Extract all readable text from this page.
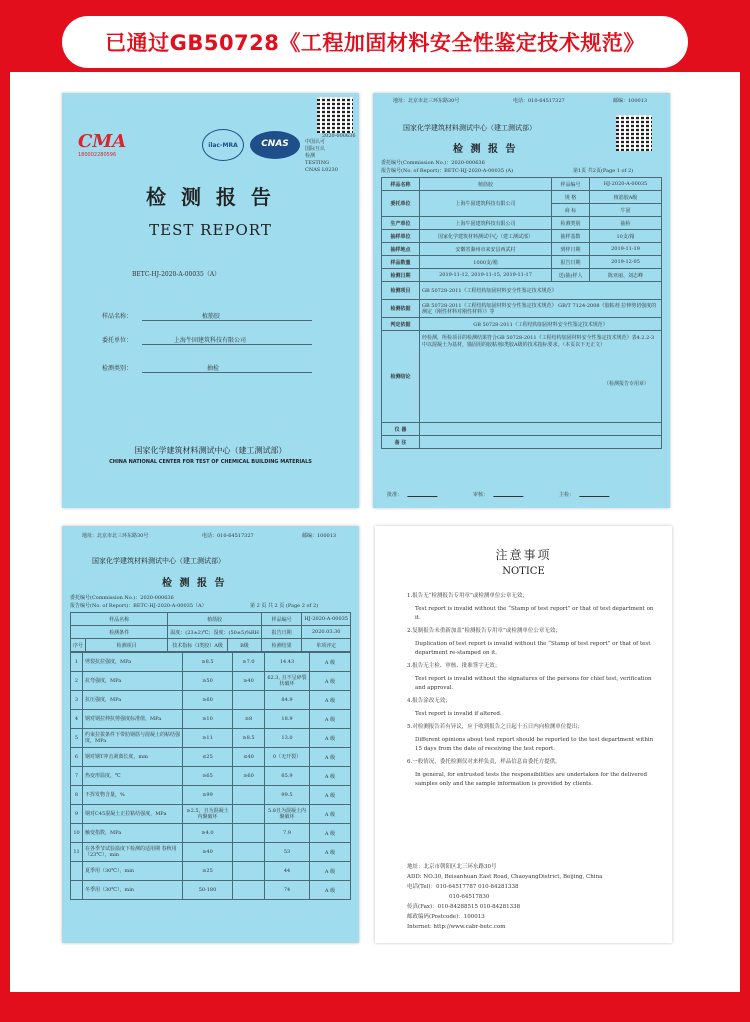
已通过GB50728《工程加固材料安全性鉴定技术规范》
CMA
180002280596
ilac-MRA	CNAS
2020-000636
中国认可
国际互认
检测
TESTING
CNAS L0230
检 测 报 告
TEST REPORT
BETC-HJ-2020-A-00035（A）
样品名称：	植筋胶
委托单位：	上海牛固建筑科技有限公司
检测类别：	抽检
国家化学建筑材料测试中心（建工测试部）
CHINA NATIONAL CENTER FOR TEST OF CHEMICAL BUILDING MATERIALS
地址：北京市北三环东路30号	电话：010-64517327	邮编：100013
国家化学建筑材料测试中心（建工测试部）
检 测 报 告
委托编号(Commission No.)：2020-000636
报告编号(No. of Report)：BETC-HJ-2020-A-00035 (A)	第1页 共2页(Page 1 of 2)
样品名称	植筋胶	样品编号	HJ-2020-A-00035
委托单位	上海牛固建筑科技有限公司	规 格	植筋胶A级
		商 标	牛固
生产单位	上海牛固建筑科技有限公司	检测类别	抽检
抽样单位	国家化学建筑材料测试中心（建工测试部）	抽样基数	10支/箱
抽样地点	安徽省滁州市来安县西武村	到样日期	2019-11-19
样品数量	1000支/箱	报告日期	2019-12-05
检测日期	2019-11-12, 2019-11-15, 2019-11-17	送(抽)样人	陈亚丽、刘志峰
检测项目	GB 50728-2011《工程结构加固材料安全性鉴定技术规范》		
检测依据	GB 50728-2011《工程结构加固材料安全性鉴定技术规范》 GB/T 7124-2008《胶粘剂 拉伸剪切强度的测定（刚性材料对刚性材料）》等		
判定依据	GB 50728-2011《工程结构加固材料安全性鉴定技术规范》		
检测结论	经检测，所检项目的检测结果符合GB 50728-2011《工程结构加固材料安全性鉴定技术规范》表4.2.2-3中以混凝土为基材，锚固用的胶粘剂Ⅰ类胶A级的技术指标要求。（本页以下无正文）
（检测报告专用章）		

仪 器			
备 注			
批准：	审核：	主检：
地址：北京市北三环东路30号	电话：010-64517327	邮编：100013
国家化学建筑材料测试中心（建工测试部）
检 测 报 告
委托编号(Commission No.)：2020-000636
报告编号(No. of Report)：BETC-HJ-2020-A-00035（A）	第 2 页 共 2 页 (Page 2 of 2)
样品名称		植筋胶		样品编号	HJ-2020-A-00035
检测条件		温度：(23±2)℃；湿度：(50±5)%RH		报告日期	2020.03.30
序号	检测项目	技术指标（I类胶）A级	B级	检测结果	单项评定
1	劈裂抗拉强度，MPa	≥8.5	≥7.0	14.43	A 级
2	抗弯强度，MPa	≥50	≥40	62.3, 且不呈碎裂状破坏	A 级
3	抗压强度，MPa	≥60		84.9	A 级
4	钢对钢拉伸抗剪强度标准值，MPa	≥10	≥8	18.9	A 级
5	约束拉拔条件下带肋钢筋与混凝土的粘结强度，MPa	≥11	≥8.5	13.0	A 级
6	钢对钢T冲击剥离长度，mm	≤25	≤40	0（无开裂）	A 级
7	热变形温度，℃	≥65	≥60	65.9	A 级
8	不挥发物含量，%	≥99		99.5	A 级
9	钢对C45混凝土正拉粘结强度，MPa	≥2.5，且为混凝土内聚破坏		5.8且为混凝土内聚破坏	A 级
10	触变指数，MPa	≥4.0		7.9	A 级
11	在各季节试验温度下检测的适用期 春秋用（23℃），min	≥40		53	A 级
	夏季用（30℃），min	≥25		44	A 级
	冬季用（30℃），min	50-180		74	A 级
注意事项
NOTICE
1.报告无“检测报告专用章”或检测单位公章无效；
Test report is invalid without the “Stamp of test report” or that of test department on it.
2.复制报告未重新加盖“检测报告专用章”或检测单位公章无效；
Duplication of test report is invalid without the “Stamp of test report” or that of test department re-stamped on it.
3.报告无主检、审核、批准签字无效；
Test report is invalid without the signatures of the persons for chief test, verification and approval.
4.报告涂改无效；
Test report is invalid if altered.
5.对检测报告若有异议，应于收到报告之日起十五日内向检测单位提出；
Different opinions about test report should be reported to the test department within 15 days from the date of receiving the test report.
6.一般情况，委托检测仅对来样负责，样品信息由委托方提供。
In general, for entrusted tests the responsibilities are undertaken for the delivered samples only and the sample information is provided by clients.
地址：北京市朝阳区北三环东路30号
ADD: NO.30, Beisanhuan East Road, ChaoyangDistrict, Beijing, China
电话(Tel)：010-64517787 010-84281338
010-64517830
传真(Fax)：010-84288515 010-84281338
邮政编码(Postcode)：100013
Internet: http://www.cabr-betc.com
